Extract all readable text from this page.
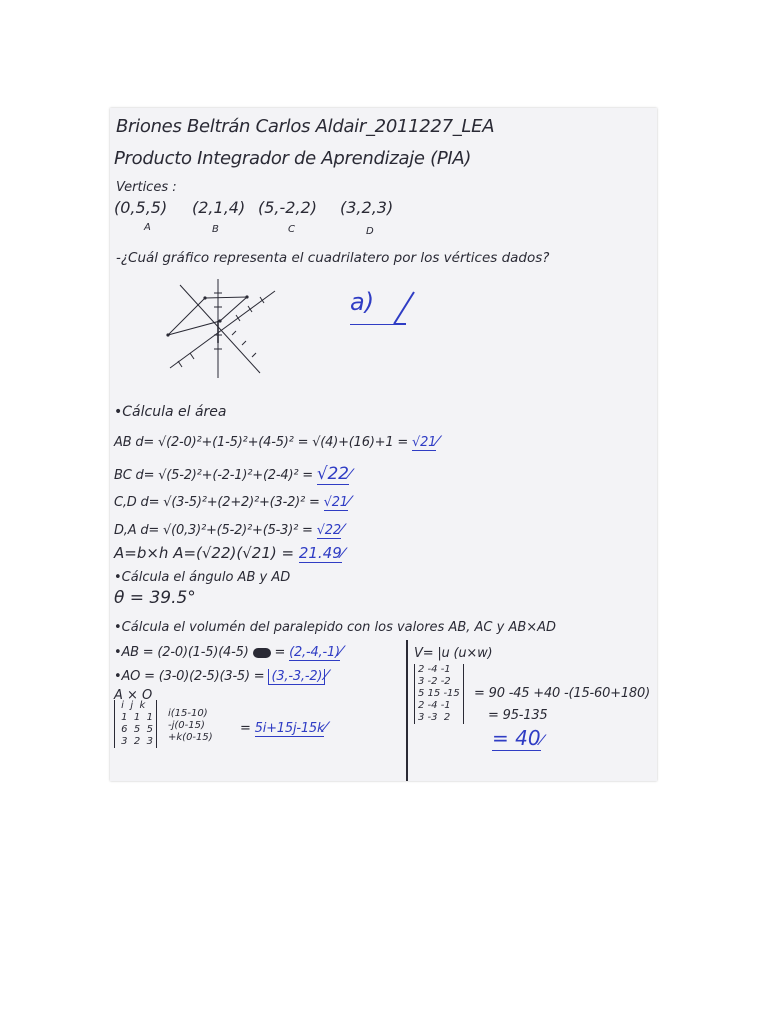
Briones Beltrán Carlos Aldair_2011227_LEA
Producto Integrador de Aprendizaje (PIA)
Vertices :
(0,5,5) (2,1,4) (5,-2,2) (3,2,3)
A	B	C	D
-¿Cuál gráfico representa el cuadrilatero por los vértices dados?
a)
•Cálcula el área
AB d= √(2-0)²+(1-5)²+(4-5)² = √(4)+(16)+1 = √21⁄
BC d= √(5-2)²+(-2-1)²+(2-4)² = √22⁄
C,D d= √(3-5)²+(2+2)²+(3-2)² = √21⁄
D,A d= √(0,3)²+(5-2)²+(5-3)² = √22⁄
A=b×h A=(√22)(√21) = 21.49⁄
•Cálcula el ángulo AB y AD
θ = 39.5°
•Cálcula el volumén del paralepido con los valores AB, AC y AB×AD
•AB = (2-0)(1-5)(4-5)  = (2,-4,-1)⁄
•AO = (3-0)(2-5)(3-5) = (3,-3,-2) ⁄
A × O
i  j  k
1  1  1
6  5  5
3  2  3
i(15-10)
-j(0-15)
+k(0-15)
= 5i+15j-15k⁄
V= |u (u×w)
2 -4 -1
3 -2 -2
5 15 -15
2 -4 -1
3 -3  2
= 90 -45 +40 -(15-60+180)
= 95-135
= 40⁄
